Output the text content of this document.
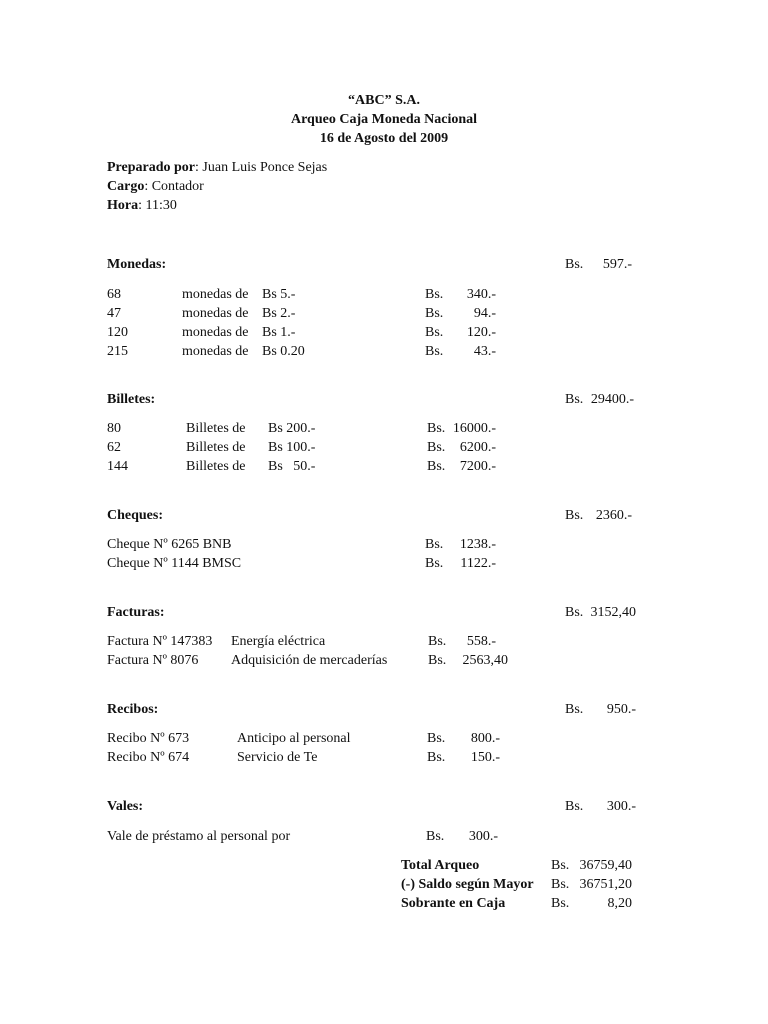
“ABC” S.A.
Arqueo Caja Moneda Nacional
16 de Agosto del 2009
Preparado por: Juan Luis Ponce Sejas
Cargo: Contador
Hora: 11:30
Monedas:	Bs.	597.-
68	monedas de Bs 5.-	Bs.	340.-
47	monedas de Bs 2.-	Bs.	94.-
120	monedas de Bs 1.-	Bs.	120.-
215	monedas de Bs 0.20	Bs.	43.-
Billetes:	Bs. 29400.-
80	Billetes de Bs 200.-	Bs. 16000.-
62	Billetes de Bs 100.-	Bs.	6200.-
144	Billetes de Bs   50.-	Bs.	7200.-
Cheques:	Bs. 2360.-
Cheque Nº 6265 BNB	Bs.	1238.-
Cheque Nº 1144 BMSC	Bs.	1122.-
Facturas:	Bs. 3152,40
Factura Nº 147383 Energía eléctrica	Bs.	558.-
Factura Nº 8076 Adquisición de mercaderías	Bs.	2563,40
Recibos:	Bs.	950.-
Recibo Nº 673	Anticipo al personal	Bs.	800.-
Recibo Nº 674	Servicio de Te	Bs.	150.-
Vales:	Bs.	300.-
Vale de préstamo al personal por	Bs.	300.-
Total Arqueo	Bs. 36759,40
(-) Saldo según Mayor Bs. 36751,20
Sobrante en Caja	Bs.	8,20
